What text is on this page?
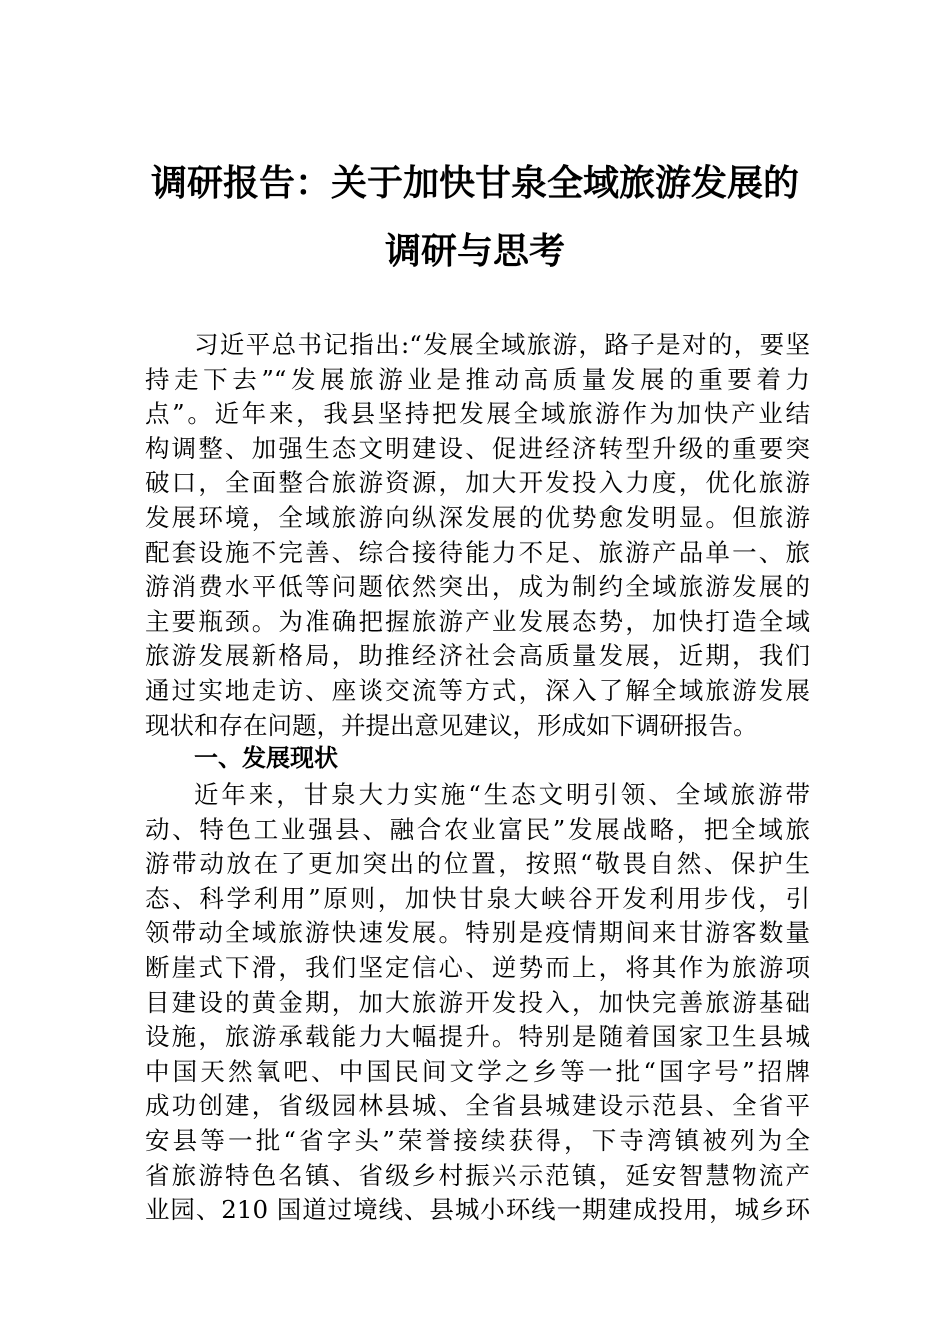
调研报告：关于加快甘泉全域旅游发展的
调研与思考
习近平总书记指出:“发展全域旅游，路子是对的，要坚
持走下去”“发展旅游业是推动高质量发展的重要着力
点”。近年来，我县坚持把发展全域旅游作为加快产业结
构调整、加强生态文明建设、促进经济转型升级的重要突
破口，全面整合旅游资源，加大开发投入力度，优化旅游
发展环境，全域旅游向纵深发展的优势愈发明显。但旅游
配套设施不完善、综合接待能力不足、旅游产品单一、旅
游消费水平低等问题依然突出，成为制约全域旅游发展的
主要瓶颈。为准确把握旅游产业发展态势，加快打造全域
旅游发展新格局，助推经济社会高质量发展，近期，我们
通过实地走访、座谈交流等方式，深入了解全域旅游发展
现状和存在问题，并提出意见建议，形成如下调研报告。
一、发展现状
近年来，甘泉大力实施“生态文明引领、全域旅游带
动、特色工业强县、融合农业富民”发展战略，把全域旅
游带动放在了更加突出的位置，按照“敬畏自然、保护生
态、科学利用”原则，加快甘泉大峡谷开发利用步伐，引
领带动全域旅游快速发展。特别是疫情期间来甘游客数量
断崖式下滑，我们坚定信心、逆势而上，将其作为旅游项
目建设的黄金期，加大旅游开发投入，加快完善旅游基础
设施，旅游承载能力大幅提升。特别是随着国家卫生县城
中国天然氧吧、中国民间文学之乡等一批“国字号”招牌
成功创建，省级园林县城、全省县城建设示范县、全省平
安县等一批“省字头”荣誉接续获得，下寺湾镇被列为全
省旅游特色名镇、省级乡村振兴示范镇，延安智慧物流产
业园、210 国道过境线、县城小环线一期建成投用，城乡环
